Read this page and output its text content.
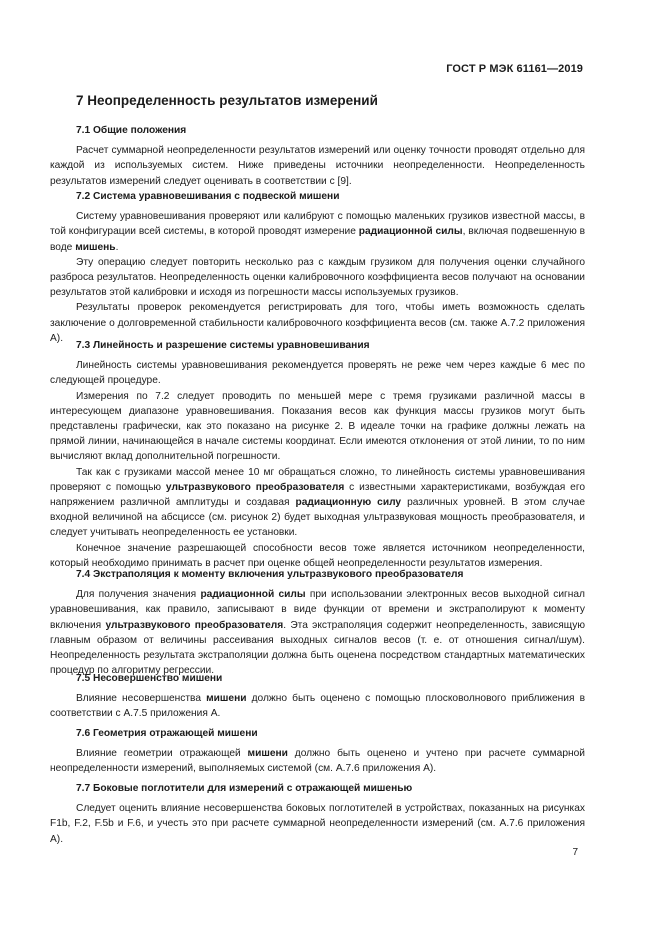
ГОСТ Р МЭК 61161—2019
7 Неопределенность результатов измерений
7.1 Общие положения

Расчет суммарной неопределенности результатов измерений или оценку точности проводят отдельно для каждой из используемых систем. Ниже приведены источники неопределенности. Неопределенность результатов измерений следует оценивать в соответствии с [9].

7.2 Система уравновешивания с подвеской мишени

Систему уравновешивания проверяют или калибруют с помощью маленьких грузиков известной массы, в той конфигурации всей системы, в которой проводят измерение радиационной силы, включая подвешенную в воде мишень.

Эту операцию следует повторить несколько раз с каждым грузиком для получения оценки случайного разброса результатов. Неопределенность оценки калибровочного коэффициента весов получают на основании результатов этой калибровки и исходя из погрешности массы используемых грузиков.

Результаты проверок рекомендуется регистрировать для того, чтобы иметь возможность сделать заключение о долговременной стабильности калибровочного коэффициента весов (см. также А.7.2 приложения А).

7.3 Линейность и разрешение системы уравновешивания

Линейность системы уравновешивания рекомендуется проверять не реже чем через каждые 6 мес по следующей процедуре.

Измерения по 7.2 следует проводить по меньшей мере с тремя грузиками различной массы в интересующем диапазоне уравновешивания. Показания весов как функция массы грузиков могут быть представлены графически, как это показано на рисунке 2. В идеале точки на графике должны лежать на прямой линии, начинающейся в начале системы координат. Если имеются отклонения от этой линии, то по ним вычисляют вклад дополнительной погрешности.

Так как с грузиками массой менее 10 мг обращаться сложно, то линейность системы уравновешивания проверяют с помощью ультразвукового преобразователя с известными характеристиками, возбуждая его напряжением различной амплитуды и создавая радиационную силу различных уровней. В этом случае входной величиной на абсциссе (см. рисунок 2) будет выходная ультразвуковая мощность преобразователя, и следует учитывать неопределенность ее установки.

Конечное значение разрешающей способности весов тоже является источником неопределенности, который необходимо принимать в расчет при оценке общей неопределенности результатов измерения.

7.4 Экстраполяция к моменту включения ультразвукового преобразователя

Для получения значения радиационной силы при использовании электронных весов выходной сигнал уравновешивания, как правило, записывают в виде функции от времени и экстраполируют к моменту включения ультразвукового преобразователя. Эта экстраполяция содержит неопределенность, зависящую главным образом от величины рассеивания выходных сигналов весов (т. е. от отношения сигнал/шум). Неопределенность результата экстраполяции должна быть оценена посредством стандартных математических процедур по алгоритму регрессии.

7.5 Несовершенство мишени

Влияние несовершенства мишени должно быть оценено с помощью плосковолнового приближения в соответствии с А.7.5 приложения А.

7.6 Геометрия отражающей мишени

Влияние геометрии отражающей мишени должно быть оценено и учтено при расчете суммарной неопределенности измерений, выполняемых системой (см. А.7.6 приложения А).

7.7 Боковые поглотители для измерений с отражающей мишенью

Следует оценить влияние несовершенства боковых поглотителей в устройствах, показанных на рисунках F1b, F.2, F.5b и F.6, и учесть это при расчете суммарной неопределенности измерений (см. А.7.6 приложения А).

7
